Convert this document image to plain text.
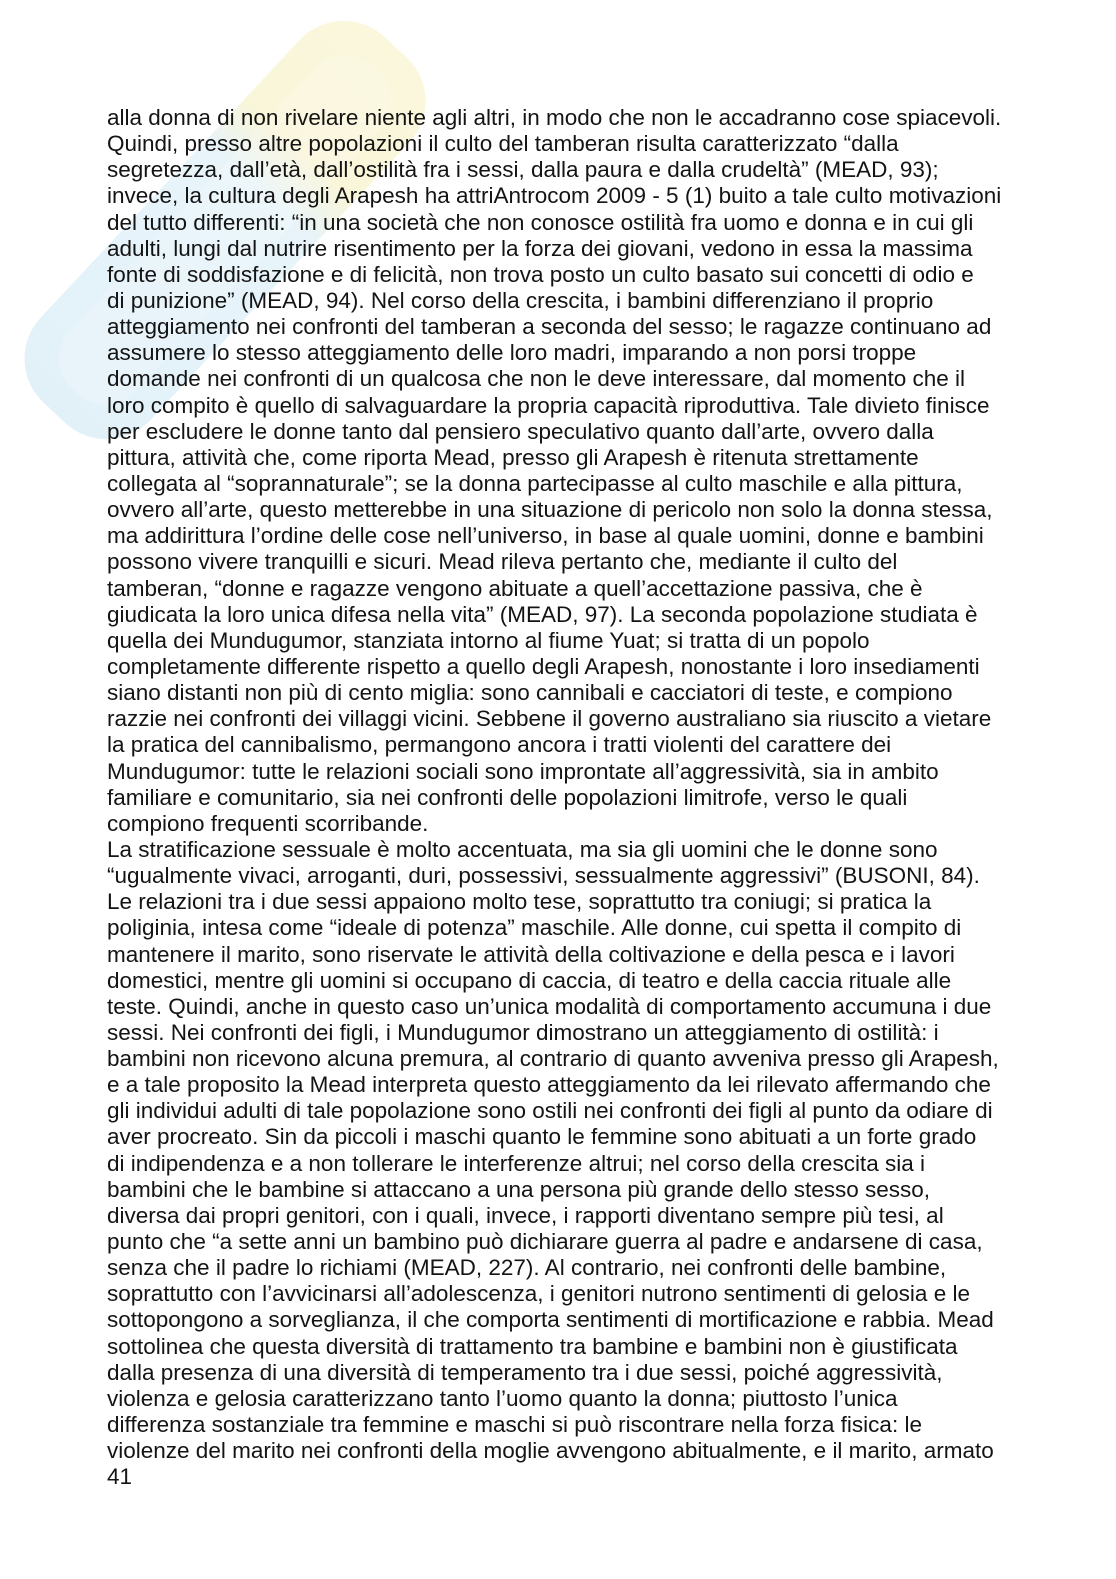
alla donna di non rivelare niente agli altri, in modo che non le accadranno cose spiacevoli.
Quindi, presso altre popolazioni il culto del tamberan risulta caratterizzato “dalla
segretezza, dall’età, dall’ostilità fra i sessi, dalla paura e dalla crudeltà” (MEAD, 93);
invece, la cultura degli Arapesh ha attriAntrocom 2009 - 5 (1) buito a tale culto motivazioni
del tutto differenti: “in una società che non conosce ostilità fra uomo e donna e in cui gli
adulti, lungi dal nutrire risentimento per la forza dei giovani, vedono in essa la massima
fonte di soddisfazione e di felicità, non trova posto un culto basato sui concetti di odio e
di punizione” (MEAD, 94). Nel corso della crescita, i bambini differenziano il proprio
atteggiamento nei confronti del tamberan a seconda del sesso; le ragazze continuano ad
assumere lo stesso atteggiamento delle loro madri, imparando a non porsi troppe
domande nei confronti di un qualcosa che non le deve interessare, dal momento che il
loro compito è quello di salvaguardare la propria capacità riproduttiva. Tale divieto finisce
per escludere le donne tanto dal pensiero speculativo quanto dall’arte, ovvero dalla
pittura, attività che, come riporta Mead, presso gli Arapesh è ritenuta strettamente
collegata al “soprannaturale”; se la donna partecipasse al culto maschile e alla pittura,
ovvero all’arte, questo metterebbe in una situazione di pericolo non solo la donna stessa,
ma addirittura l’ordine delle cose nell’universo, in base al quale uomini, donne e bambini
possono vivere tranquilli e sicuri. Mead rileva pertanto che, mediante il culto del
tamberan, “donne e ragazze vengono abituate a quell’accettazione passiva, che è
giudicata la loro unica difesa nella vita” (MEAD, 97). La seconda popolazione studiata è
quella dei Mundugumor, stanziata intorno al fiume Yuat; si tratta di un popolo
completamente differente rispetto a quello degli Arapesh, nonostante i loro insediamenti
siano distanti non più di cento miglia: sono cannibali e cacciatori di teste, e compiono
razzie nei confronti dei villaggi vicini. Sebbene il governo australiano sia riuscito a vietare
la pratica del cannibalismo, permangono ancora i tratti violenti del carattere dei
Mundugumor: tutte le relazioni sociali sono improntate all’aggressività, sia in ambito
familiare e comunitario, sia nei confronti delle popolazioni limitrofe, verso le quali
compiono frequenti scorribande.
La stratificazione sessuale è molto accentuata, ma sia gli uomini che le donne sono
“ugualmente vivaci, arroganti, duri, possessivi, sessualmente aggressivi” (BUSONI, 84).
Le relazioni tra i due sessi appaiono molto tese, soprattutto tra coniugi; si pratica la
poliginia, intesa come “ideale di potenza” maschile. Alle donne, cui spetta il compito di
mantenere il marito, sono riservate le attività della coltivazione e della pesca e i lavori
domestici, mentre gli uomini si occupano di caccia, di teatro e della caccia rituale alle
teste. Quindi, anche in questo caso un’unica modalità di comportamento accumuna i due
sessi. Nei confronti dei figli, i Mundugumor dimostrano un atteggiamento di ostilità: i
bambini non ricevono alcuna premura, al contrario di quanto avveniva presso gli Arapesh,
e a tale proposito la Mead interpreta questo atteggiamento da lei rilevato affermando che
gli individui adulti di tale popolazione sono ostili nei confronti dei figli al punto da odiare di
aver procreato. Sin da piccoli i maschi quanto le femmine sono abituati a un forte grado
di indipendenza e a non tollerare le interferenze altrui; nel corso della crescita sia i
bambini che le bambine si attaccano a una persona più grande dello stesso sesso,
diversa dai propri genitori, con i quali, invece, i rapporti diventano sempre più tesi, al
punto che “a sette anni un bambino può dichiarare guerra al padre e andarsene di casa,
senza che il padre lo richiami (MEAD, 227). Al contrario, nei confronti delle bambine,
soprattutto con l’avvicinarsi all’adolescenza, i genitori nutrono sentimenti di gelosia e le
sottopongono a sorveglianza, il che comporta sentimenti di mortificazione e rabbia. Mead
sottolinea che questa diversità di trattamento tra bambine e bambini non è giustificata
dalla presenza di una diversità di temperamento tra i due sessi, poiché aggressività,
violenza e gelosia caratterizzano tanto l’uomo quanto la donna; piuttosto l’unica
differenza sostanziale tra femmine e maschi si può riscontrare nella forza fisica: le
violenze del marito nei confronti della moglie avvengono abitualmente, e il marito, armato
41
